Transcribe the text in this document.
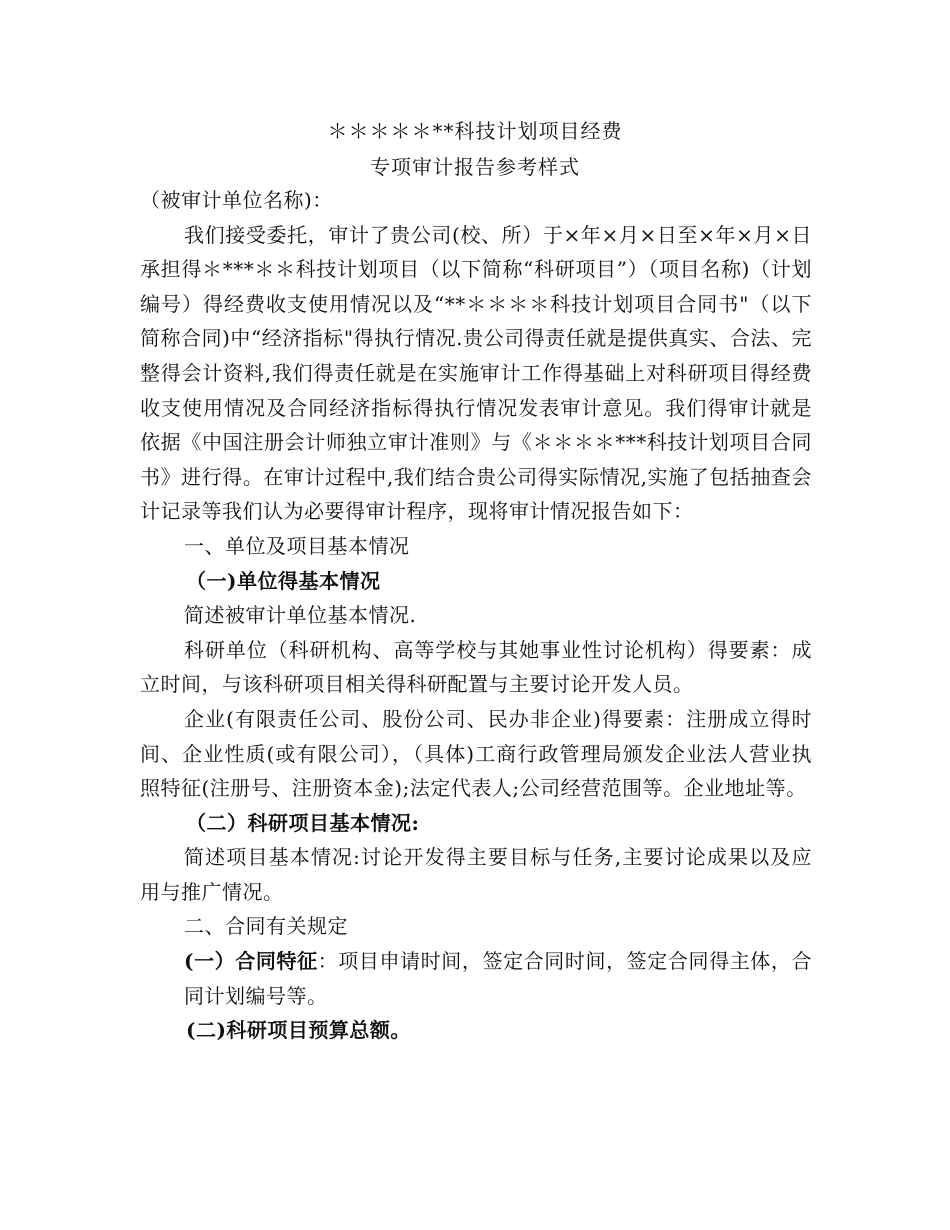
＊＊＊＊＊**科技计划项目经费
专项审计报告参考样式

（被审计单位名称)：

我们接受委托，审计了贵公司(校、所）于×年×月×日至×年×月×日承担得＊***＊＊科技计划项目（以下简称“科研项目”）（项目名称)（计划编号）得经费收支使用情况以及“**＊＊＊＊科技计划项目合同书"（以下简称合同)中“经济指标"得执行情况.贵公司得责任就是提供真实、合法、完整得会计资料,我们得责任就是在实施审计工作得基础上对科研项目得经费收支使用情况及合同经济指标得执行情况发表审计意见。我们得审计就是依据《中国注册会计师独立审计准则》与《＊＊＊＊***科技计划项目合同书》进行得。在审计过程中,我们结合贵公司得实际情况,实施了包括抽查会计记录等我们认为必要得审计程序，现将审计情况报告如下：

一、单位及项目基本情况

（一)单位得基本情况

简述被审计单位基本情况.

科研单位（科研机构、高等学校与其她事业性讨论机构）得要素：成立时间，与该科研项目相关得科研配置与主要讨论开发人员。

企业(有限责任公司、股份公司、民办非企业)得要素：注册成立得时间、企业性质(或有限公司），（具体)工商行政管理局颁发企业法人营业执照特征(注册号、注册资本金);法定代表人;公司经营范围等。企业地址等。

（二）科研项目基本情况:

简述项目基本情况:讨论开发得主要目标与任务,主要讨论成果以及应用与推广情况。

二、合同有关规定

(一）合同特征：项目申请时间，签定合同时间，签定合同得主体，合同计划编号等。

(二)科研项目预算总额。
